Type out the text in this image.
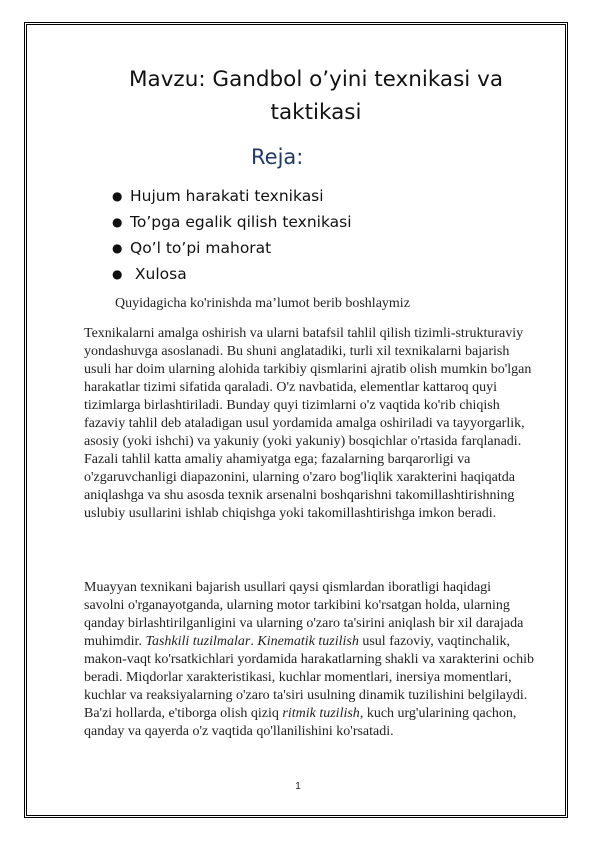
Mavzu: Gandbol o’yini texnikasi va taktikasi
Reja:
● Hujum harakati texnikasi
● To’pga egalik qilish texnikasi
● Qo’l to’pi mahorat
● Xulosa

Quyidagicha ko'rinishda ma’lumot berib boshlaymiz

Texnikalarni amalga oshirish va ularni batafsil tahlil qilish tizimli-strukturaviy yondashuvga asoslanadi. Bu shuni anglatadiki, turli xil texnikalarni bajarish usuli har doim ularning alohida tarkibiy qismlarini ajratib olish mumkin bo'lgan harakatlar tizimi sifatida qaraladi. O'z navbatida, elementlar kattaroq quyi tizimlarga birlashtiriladi. Bunday quyi tizimlarni o'z vaqtida ko'rib chiqish fazaviy tahlil deb ataladigan usul yordamida amalga oshiriladi va tayyorgarlik, asosiy (yoki ishchi) va yakuniy (yoki yakuniy) bosqichlar o'rtasida farqlanadi. Fazali tahlil katta amaliy ahamiyatga ega; fazalarning barqarorligi va o'zgaruvchanligi diapazonini, ularning o'zaro bog'liqlik xarakterini haqiqatda aniqlashga va shu asosda texnik arsenalni boshqarishni takomillashtirishning uslubiy usullarini ishlab chiqishga yoki takomillashtirishga imkon beradi.

Muayyan texnikani bajarish usullari qaysi qismlardan iboratligi haqidagi savolni o'rganayotganda, ularning motor tarkibini ko'rsatgan holda, ularning qanday birlashtirilganligini va ularning o'zaro ta'sirini aniqlash bir xil darajada muhimdir. Tashkili tuzilmalar. Kinematik tuzilish usul fazoviy, vaqtinchalik, makon-vaqt ko'rsatkichlari yordamida harakatlarning shakli va xarakterini ochib beradi. Miqdorlar xarakteristikasi, kuchlar momentlari, inersiya momentlari, kuchlar va reaksiyalarning o'zaro ta'siri usulning dinamik tuzilishini belgilaydi. Ba'zi hollarda, e'tiborga olish qiziq ritmik tuzilish, kuch urg'ularining qachon, qanday va qayerda o'z vaqtida qo'llanilishini ko'rsatadi.

1
